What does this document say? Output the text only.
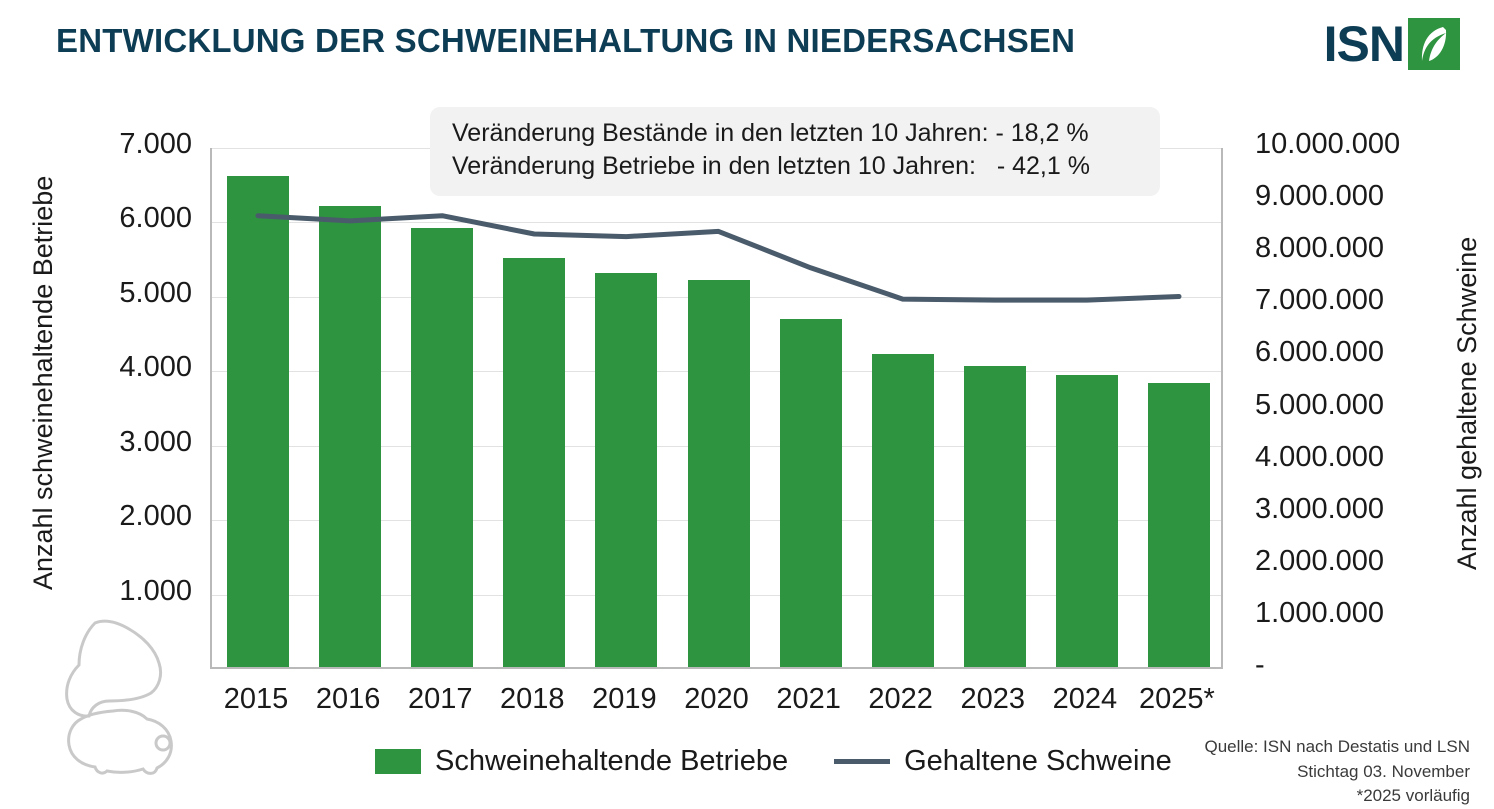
ENTWICKLUNG DER SCHWEINEHALTUNG IN NIEDERSACHSEN	ISN
Anzahl schweinehaltende Betriebe	Anzahl gehaltene Schweine
7.000
6.000
5.000
4.000
3.000
2.000
1.000
10.000.000
9.000.000
8.000.000
7.000.000
6.000.000
5.000.000
4.000.000
3.000.000
2.000.000
1.000.000
-
2015 2016 2017 2018 2019 2020 2021 2022 2023 2024 2025*
Veränderung Bestände in den letzten 10 Jahren: - 18,2 %
Veränderung Betriebe in den letzten 10 Jahren:   - 42,1 %
Schweinehaltende Betriebe	Gehaltene Schweine Quelle: ISN nach Destatis und LSN
Stichtag 03. November
*2025 vorläufig
